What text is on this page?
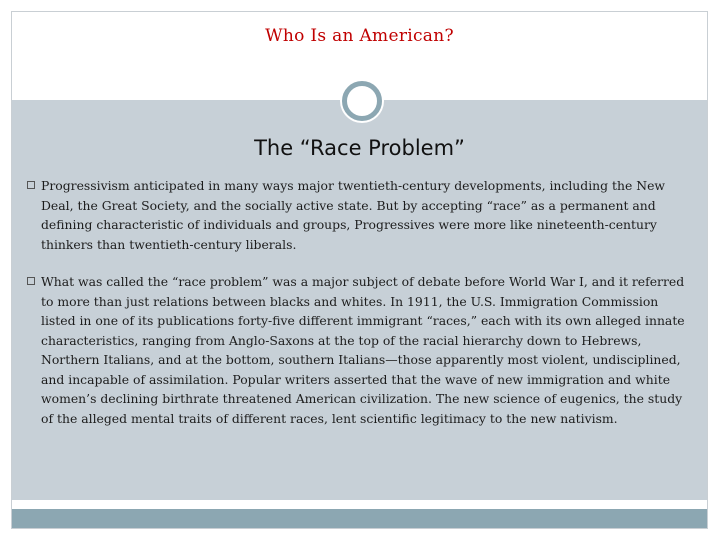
Who Is an American?
The “Race Problem”
Progressivism anticipated in many ways major twentieth-century developments, including the New Deal, the Great Society, and the socially active state. But by accepting “race” as a permanent and defining characteristic of individuals and groups, Progressives were more like nineteenth-century thinkers than twentieth-century liberals.
What was called the “race problem” was a major subject of debate before World War I, and it referred to more than just relations between blacks and whites. In 1911, the U.S. Immigration Commission listed in one of its publications forty-five different immigrant “races,” each with its own alleged innate characteristics, ranging from Anglo-Saxons at the top of the racial hierarchy down to Hebrews, Northern Italians, and at the bottom, southern Italians—those apparently most violent, undisciplined, and incapable of assimilation. Popular writers asserted that the wave of new immigration and white women’s declining birthrate threatened American civilization. The new science of eugenics, the study of the alleged mental traits of different races, lent scientific legitimacy to the new nativism.
